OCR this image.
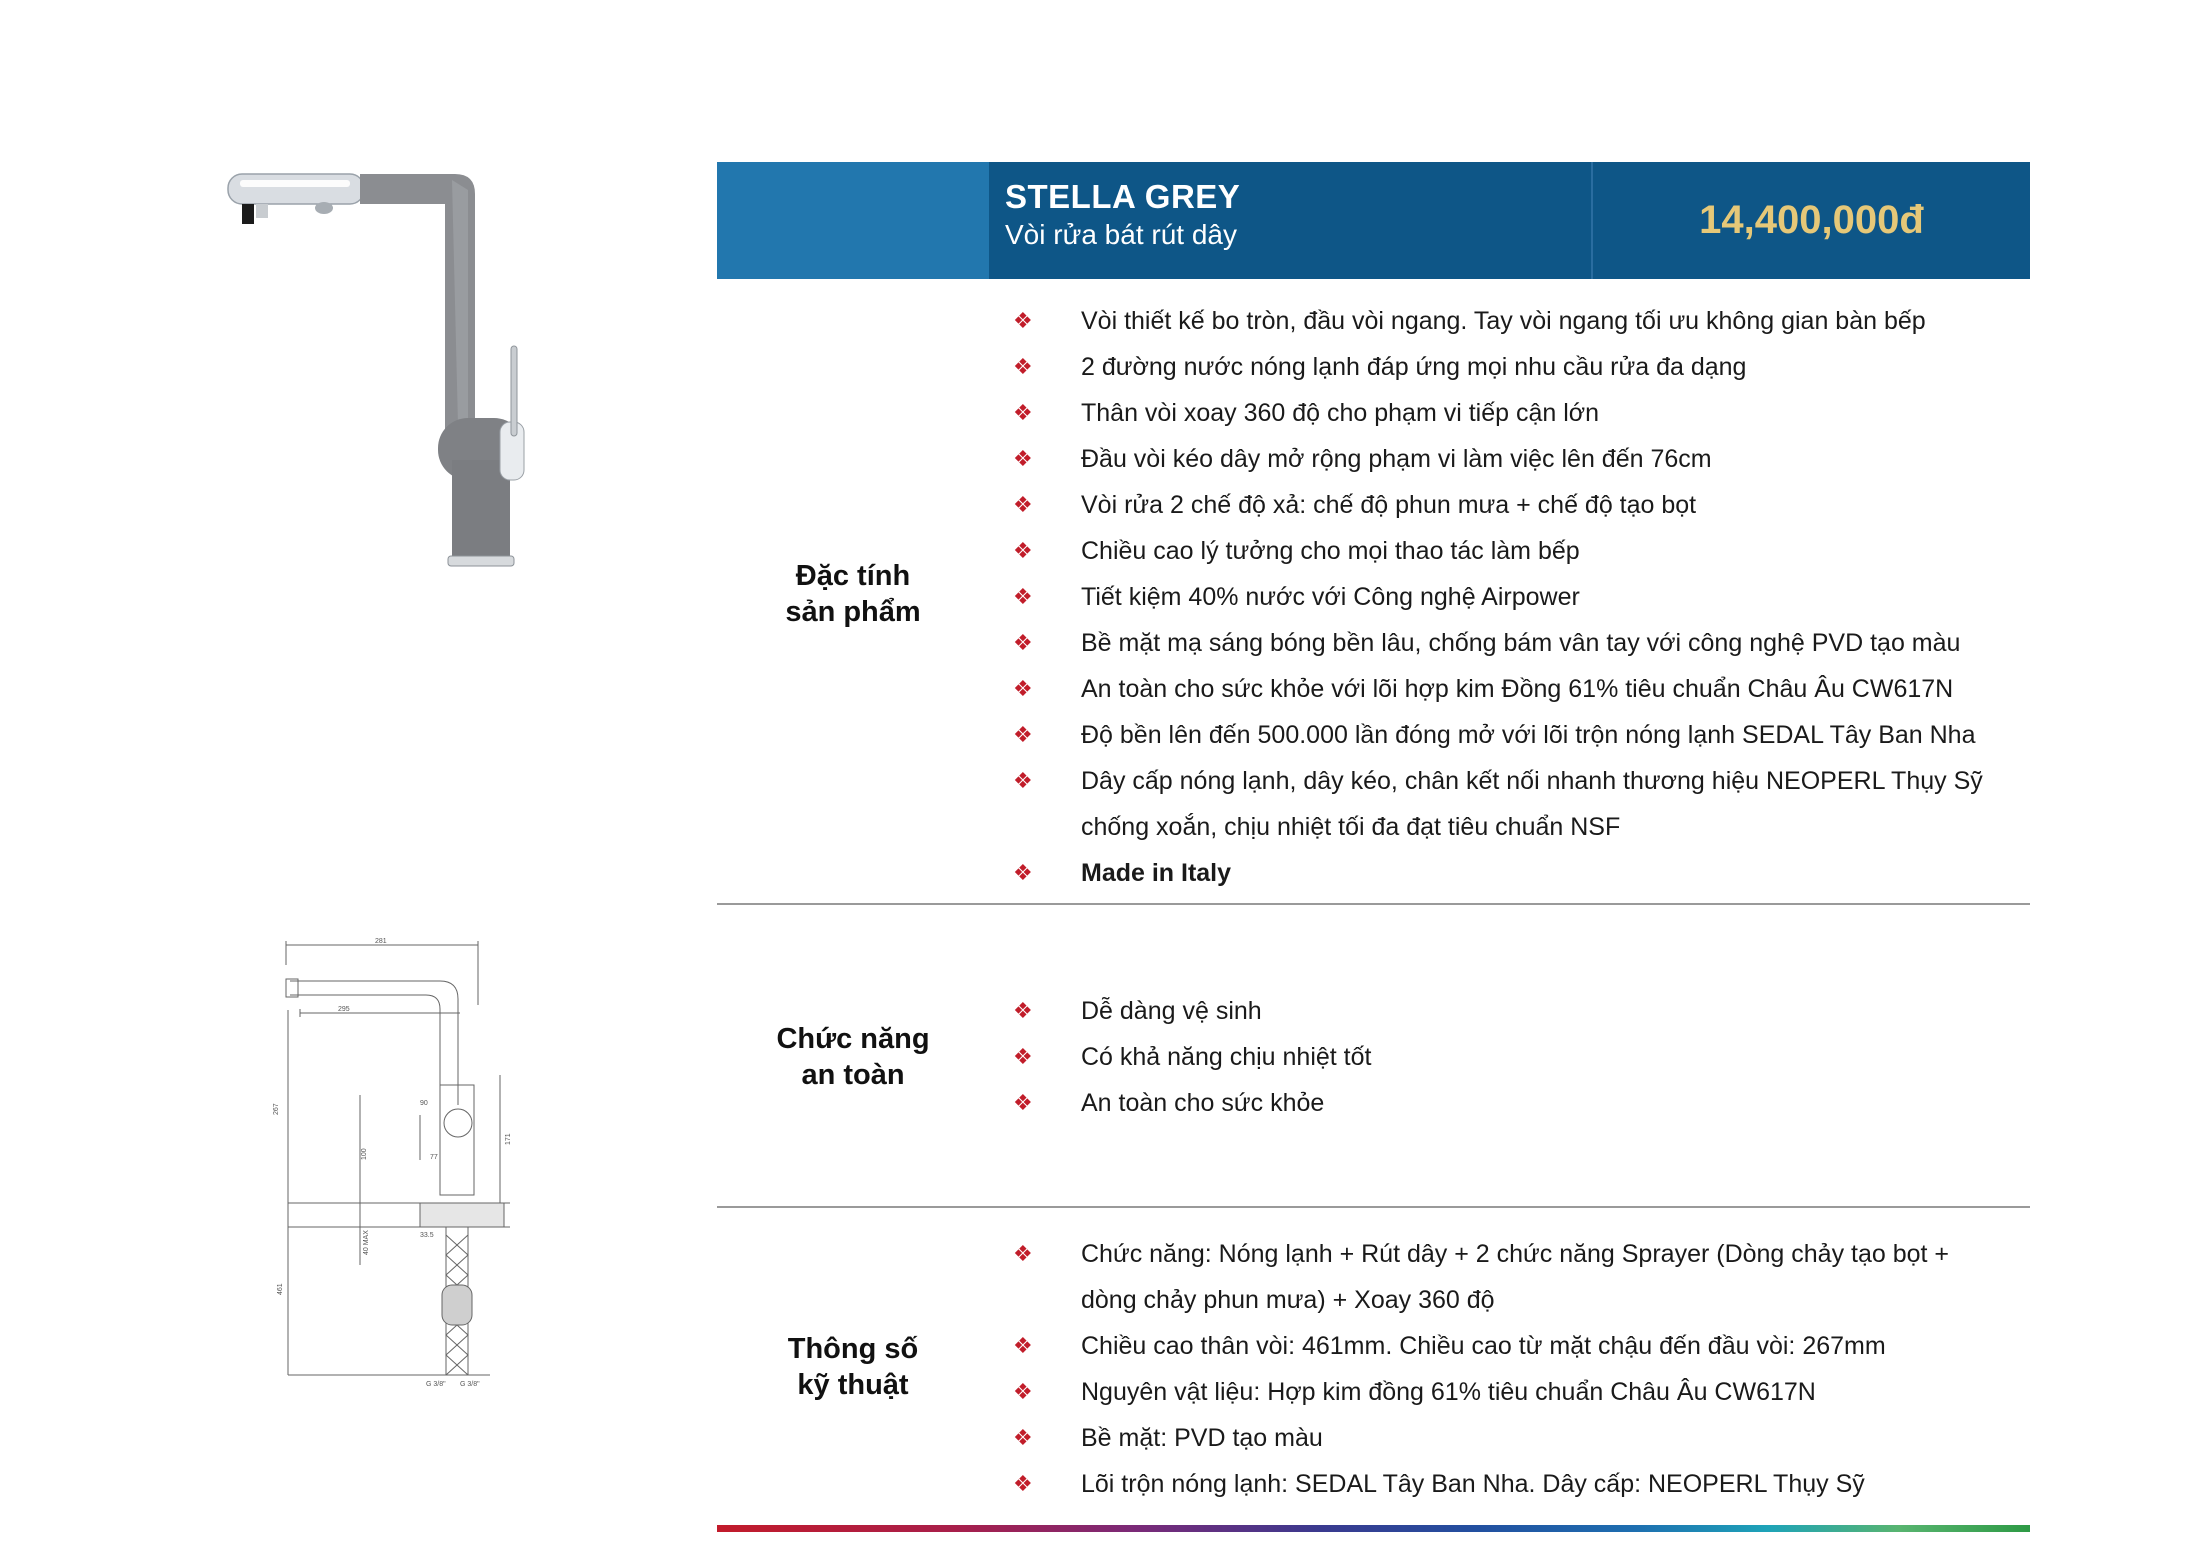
281
295
267	90
171
100	77
40 MAX	33.5
461
G 3/8" G 3/8"
STELLA GREY
Vòi rửa bát rút dây	14,400,000đ
Đặc tính
sản phẩm
❖	Vòi thiết kế bo tròn, đầu vòi ngang. Tay vòi ngang tối ưu không gian bàn bếp
❖	2 đường nước nóng lạnh đáp ứng mọi nhu cầu rửa đa dạng
❖	Thân vòi xoay 360 độ cho phạm vi tiếp cận lớn
❖	Đầu vòi kéo dây mở rộng phạm vi làm việc lên đến 76cm
❖	Vòi rửa 2 chế độ xả: chế độ phun mưa + chế độ tạo bọt
❖	Chiều cao lý tưởng cho mọi thao tác làm bếp
❖	Tiết kiệm 40% nước với Công nghệ Airpower
❖	Bề mặt mạ sáng bóng bền lâu, chống bám vân tay với công nghệ PVD tạo màu
❖	An toàn cho sức khỏe với lõi hợp kim Đồng 61% tiêu chuẩn Châu Âu CW617N
❖	Độ bền lên đến 500.000 lần đóng mở với lõi trộn nóng lạnh SEDAL Tây Ban Nha
❖	Dây cấp nóng lạnh, dây kéo, chân kết nối nhanh thương hiệu NEOPERL Thụy Sỹ
chống xoắn, chịu nhiệt tối đa đạt tiêu chuẩn NSF
❖	Made in Italy
Chức năng
an toàn
❖	Dễ dàng vệ sinh
❖	Có khả năng chịu nhiệt tốt
❖	An toàn cho sức khỏe
Thông số
kỹ thuật
❖	Chức năng: Nóng lạnh + Rút dây + 2 chức năng Sprayer (Dòng chảy tạo bọt +
dòng chảy phun mưa) + Xoay 360 độ
❖	Chiều cao thân vòi: 461mm. Chiều cao từ mặt chậu đến đầu vòi: 267mm
❖	Nguyên vật liệu: Hợp kim đồng 61% tiêu chuẩn Châu Âu CW617N
❖	Bề mặt: PVD tạo màu
❖	Lõi trộn nóng lạnh: SEDAL Tây Ban Nha. Dây cấp: NEOPERL Thụy Sỹ
